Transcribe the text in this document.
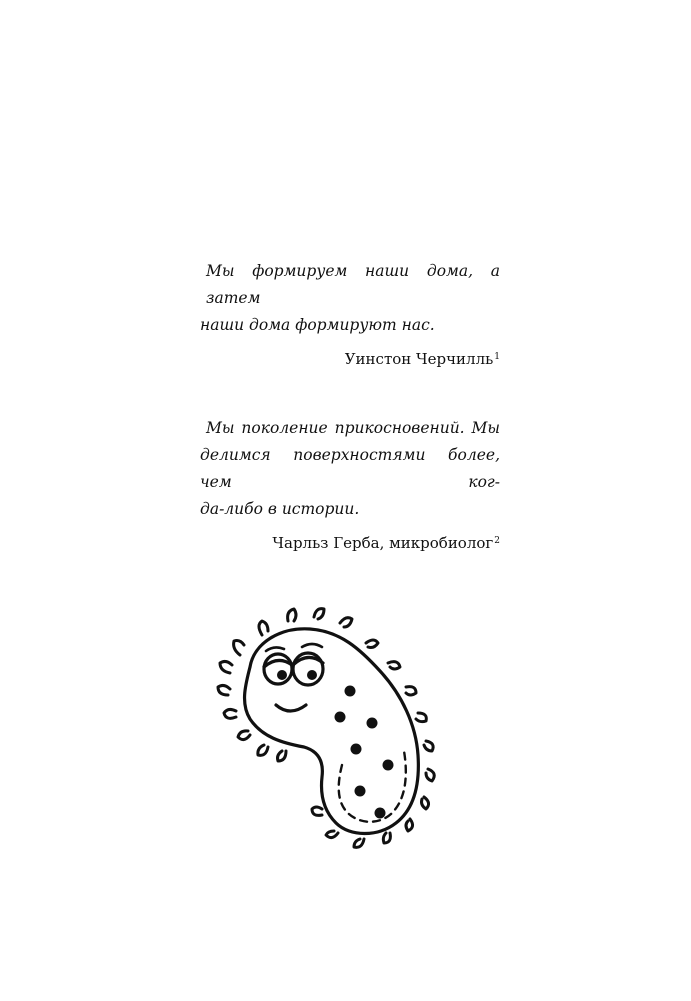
Мы формируем наши дома, а затем
наши дома формируют нас.

Уинстон Черчилль$^1$

Мы поколение прикосновений. Мы
делимся поверхностями более, чем ког-
да-либо в истории.

Чарльз Герба, микробиолог$^2$
